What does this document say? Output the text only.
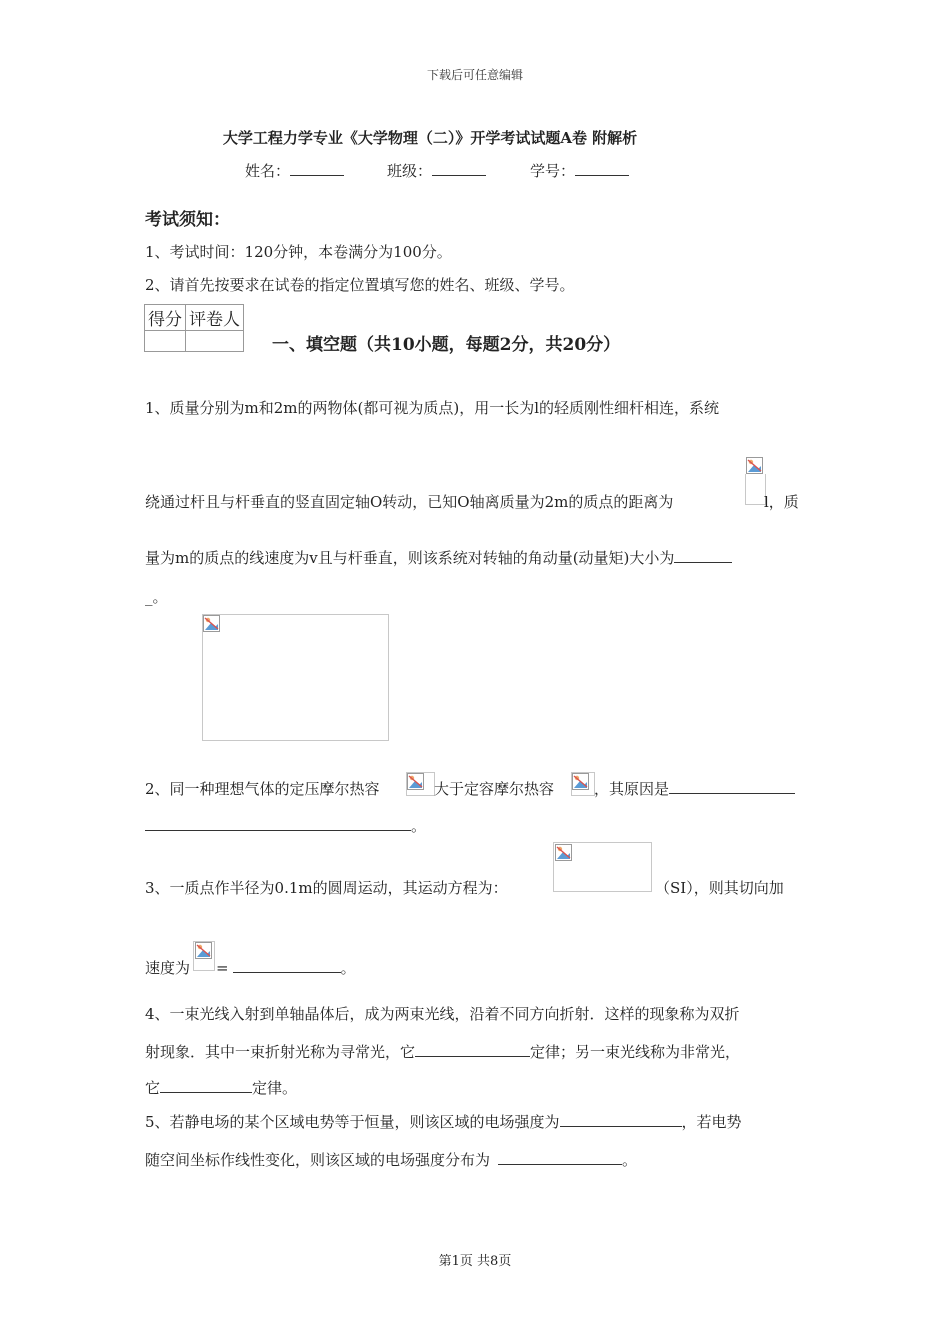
下载后可任意编辑
大学工程力学专业《大学物理（二）》开学考试试题A卷 附解析
姓名：	班级：	学号：
考试须知：
1、考试时间：120分钟，本卷满分为100分。
2、请首先按要求在试卷的指定位置填写您的姓名、班级、学号。
得分	评卷人

一、填空题（共10小题，每题2分，共20分）
1、质量分别为m和2m的两物体(都可视为质点)，用一长为l的轻质刚性细杆相连，系统
绕通过杆且与杆垂直的竖直固定轴O转动，已知O轴离质量为2m的质点的距离为	l，质
量为m的质点的线速度为v且与杆垂直，则该系统对转轴的角动量(动量矩)大小为
_。
2、同一种理想气体的定压摩尔热容	大于定容摩尔热容	，其原因是
。
3、一质点作半径为0.1m的圆周运动，其运动方程为：	（SI），则其切向加
速度为 =	。
4、一束光线入射到单轴晶体后，成为两束光线，沿着不同方向折射．这样的现象称为双折
射现象．其中一束折射光称为寻常光，它	定律；另一束光线称为非常光，
它	定律。
5、若静电场的某个区域电势等于恒量，则该区域的电场强度为	，若电势
随空间坐标作线性变化，则该区域的电场强度分布为	。
第1页 共8页
